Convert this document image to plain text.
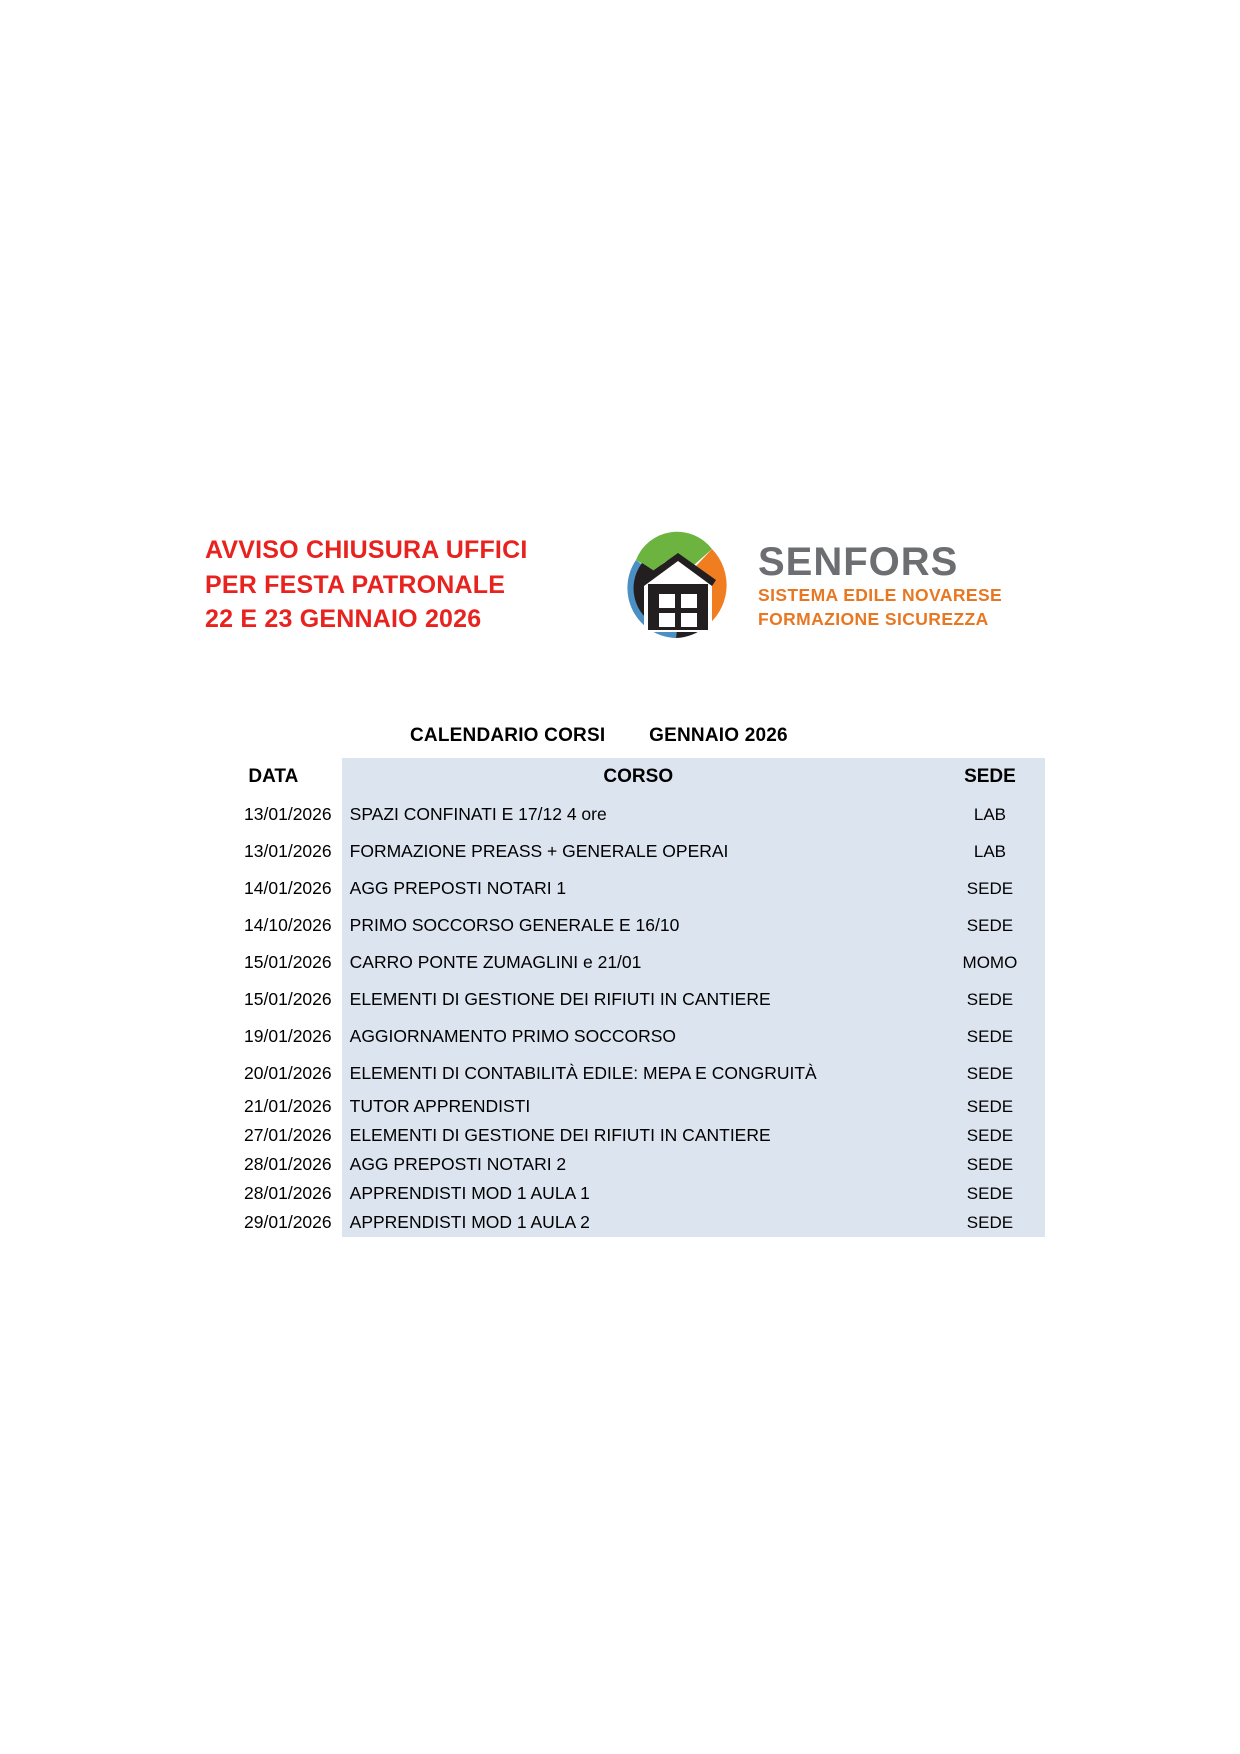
AVVISO CHIUSURA UFFICI
PER FESTA PATRONALE
22 E 23 GENNAIO 2026
SENFORS
SISTEMA EDILE NOVARESE
FORMAZIONE SICUREZZA
CALENDARIO CORSI        GENNAIO 2026
DATA	CORSO	SEDE
13/01/2026	SPAZI CONFINATI E 17/12 4 ore	LAB
13/01/2026	FORMAZIONE PREASS + GENERALE OPERAI	LAB
14/01/2026	AGG PREPOSTI NOTARI 1	SEDE
14/10/2026	PRIMO SOCCORSO GENERALE E 16/10	SEDE
15/01/2026	CARRO PONTE ZUMAGLINI e 21/01	MOMO
15/01/2026	ELEMENTI DI GESTIONE DEI RIFIUTI IN CANTIERE	SEDE
19/01/2026	AGGIORNAMENTO PRIMO SOCCORSO	SEDE
20/01/2026	ELEMENTI DI CONTABILITÀ EDILE: MEPA E CONGRUITÀ	SEDE
21/01/2026	TUTOR APPRENDISTI	SEDE
27/01/2026	ELEMENTI DI GESTIONE DEI RIFIUTI IN CANTIERE	SEDE
28/01/2026	AGG PREPOSTI NOTARI 2	SEDE
28/01/2026	APPRENDISTI MOD 1 AULA 1	SEDE
29/01/2026	APPRENDISTI MOD 1 AULA 2	SEDE
